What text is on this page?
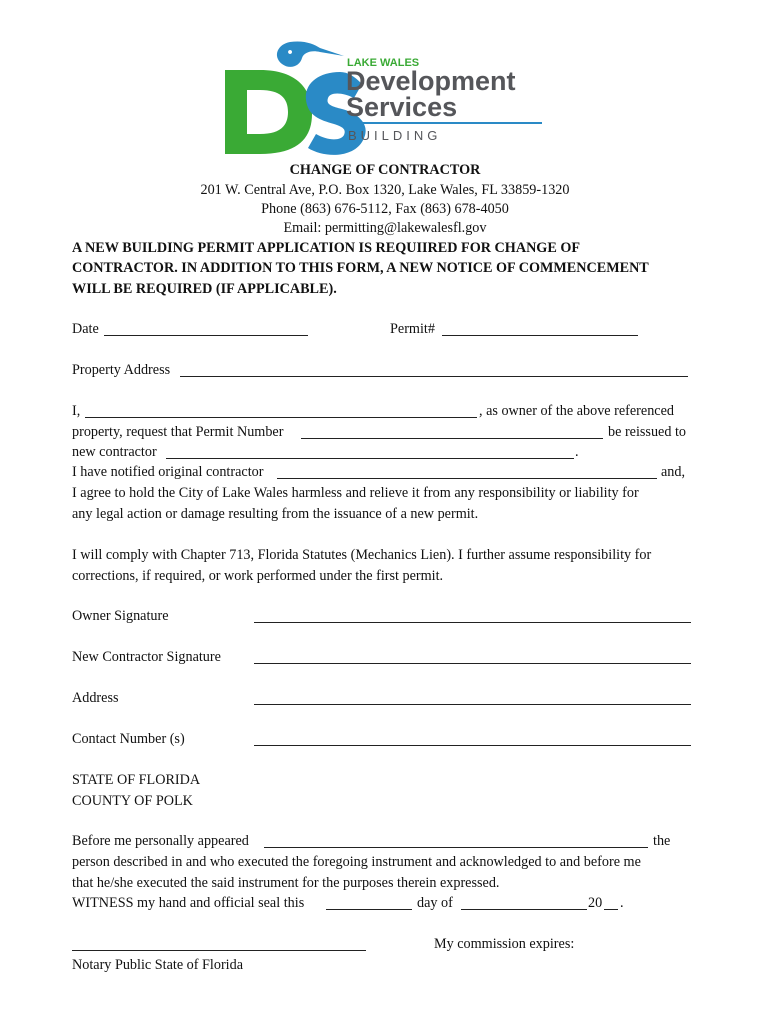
LAKE WALES
Development
Services
BUILDING
CHANGE OF CONTRACTOR
201 W. Central Ave, P.O. Box 1320, Lake Wales, FL 33859-1320
Phone (863) 676-5112, Fax (863) 678-4050
Email: permitting@lakewalesfl.gov
A NEW BUILDING PERMIT APPLICATION IS REQUIIRED FOR CHANGE OF
CONTRACTOR. IN ADDITION TO THIS FORM, A NEW NOTICE OF COMMENCEMENT
WILL BE REQUIRED (IF APPLICABLE).
Date	Permit#
Property Address
I,	, as owner of the above referenced
property, request that Permit Number	be reissued to
new contractor	.
I have notified original contractor	and,
I agree to hold the City of Lake Wales harmless and relieve it from any responsibility or liability for
any legal action or damage resulting from the issuance of a new permit.
I will comply with Chapter 713, Florida Statutes (Mechanics Lien). I further assume responsibility for
corrections, if required, or work performed under the first permit.
Owner Signature
New Contractor Signature
Address
Contact Number (s)
STATE OF FLORIDA
COUNTY OF POLK
Before me personally appeared	the
person described in and who executed the foregoing instrument and acknowledged to and before me
that he/she executed the said instrument for the purposes therein expressed.
WITNESS my hand and official seal this	day of	20 .
My commission expires:
Notary Public State of Florida
